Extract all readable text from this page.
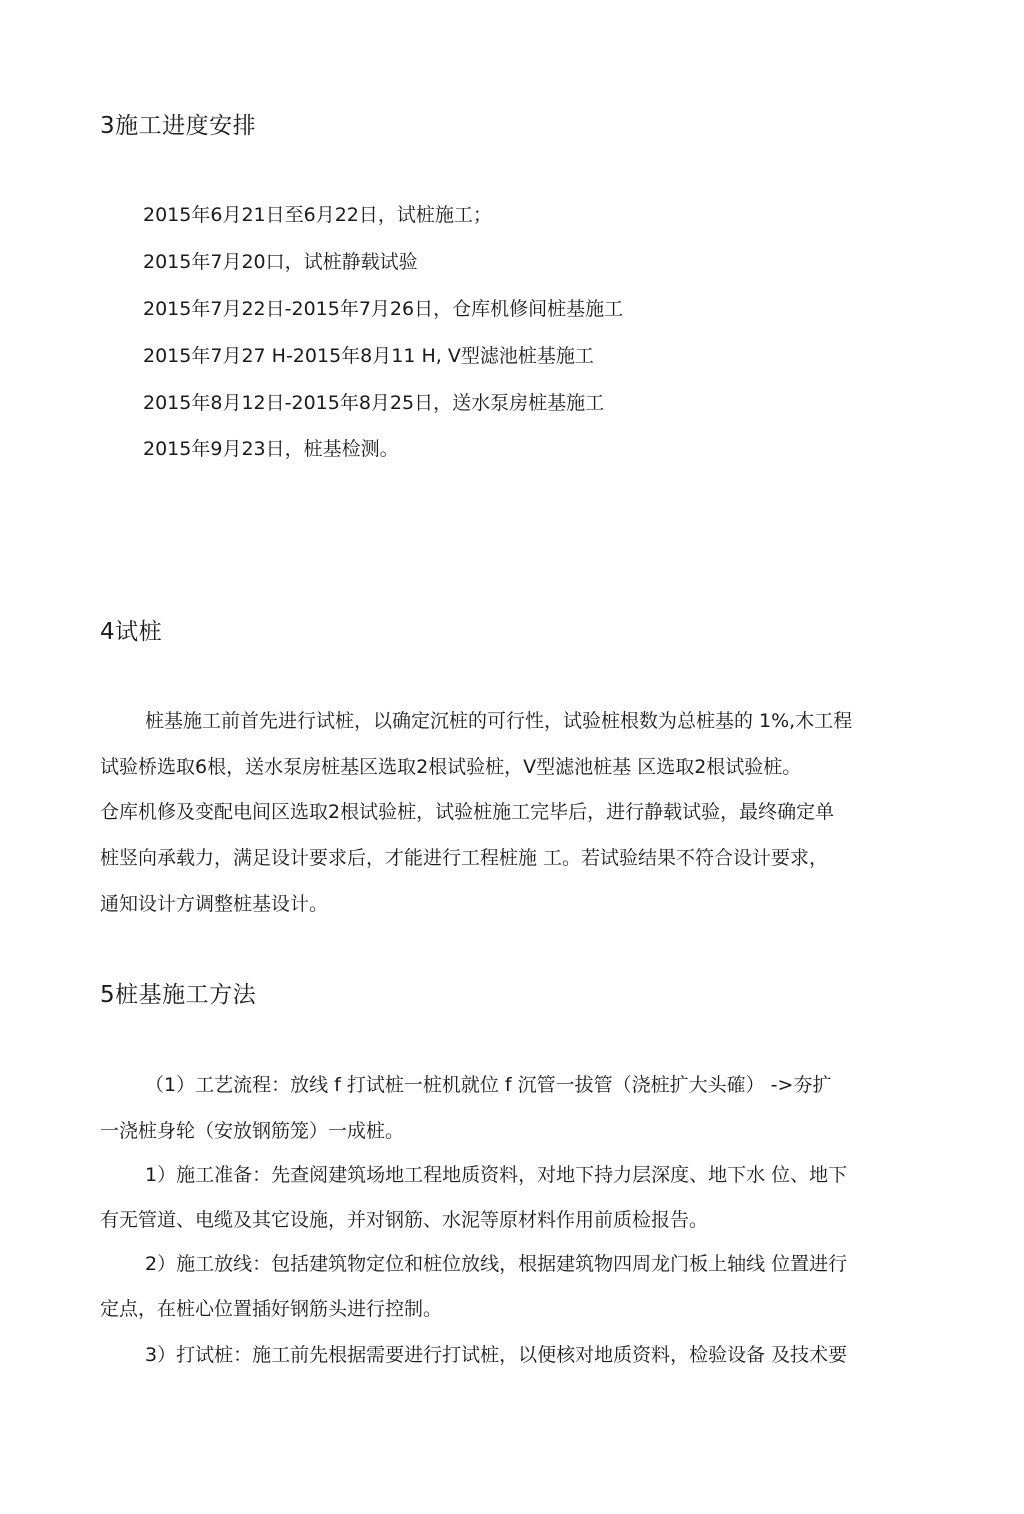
3施工进度安排
2015年6月21日至6月22日，试桩施工；
2015年7月20口，试桩静载试验
2015年7月22日-2015年7月26日，仓库机修间桩基施工
2015年7月27 H-2015年8月11 H, V型滤池桩基施工
2015年8月12日-2015年8月25日，送水泵房桩基施工
2015年9月23日，桩基检测。
4试桩
桩基施工前首先进行试桩，以确定沉桩的可行性，试验桩根数为总桩基的 1%,木工程
试验桥选取6根，送水泵房桩基区选取2根试验桩，V型滤池桩基 区选取2根试验桩。
仓库机修及变配电间区选取2根试验桩，试验桩施工完毕后，进行静载试验，最终确定单
桩竖向承载力，满足设计要求后，才能进行工程桩施 工。若试验结果不符合设计要求，
通知设计方调整桩基设计。
5桩基施工方法
（1）工艺流程：放线 f 打试桩一桩机就位 f 沉管一拔管（浇桩扩大头確） ->夯扩
一浇桩身轮（安放钢筋笼）一成桩。
1）施工准备：先查阅建筑场地工程地质资料，对地下持力层深度、地下水 位、地下
有无管道、电缆及其它设施，并对钢筋、水泥等原材料作用前质检报告。
2）施工放线：包括建筑物定位和桩位放线，根据建筑物四周龙门板上轴线 位置进行
定点，在桩心位置插好钢筋头进行控制。
3）打试桩：施工前先根据需要进行打试桩，以便核对地质资料，检验设备 及技术要
